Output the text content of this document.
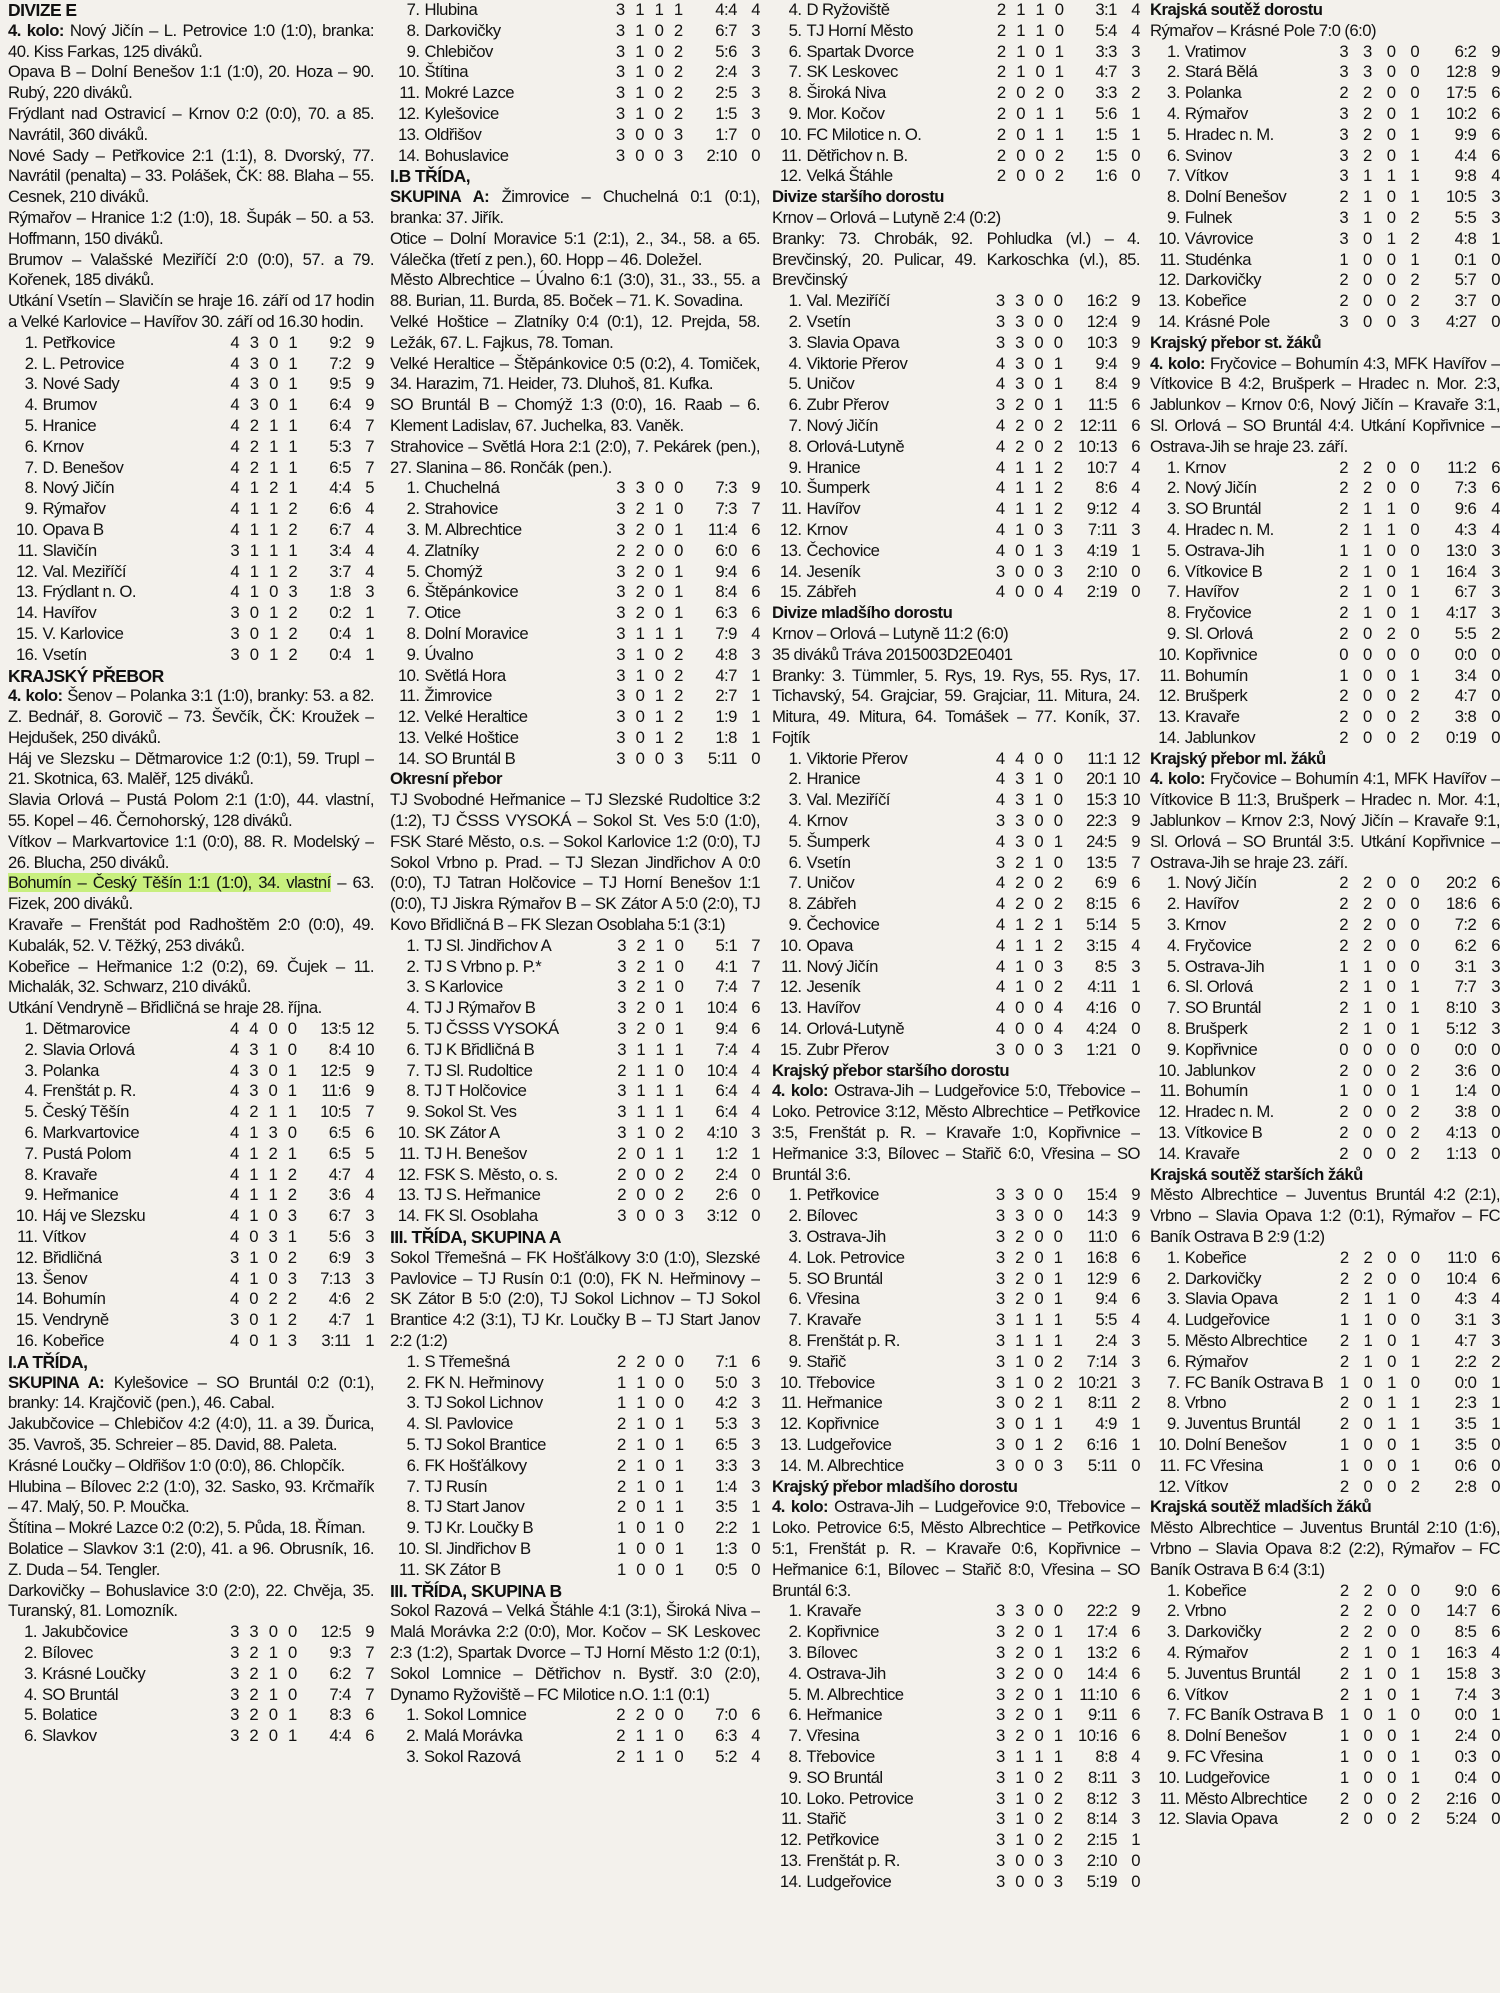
DIVIZE E

4. kolo: Nový Jičín – L. Petrovice 1:0 (1:0), branka: 40. Kiss Farkas, 125 diváků.

Opava B – Dolní Benešov 1:1 (1:0), 20. Hoza – 90. Rubý, 220 diváků.

Frýdlant nad Ostravicí – Krnov 0:2 (0:0), 70. a 85. Navrátil, 360 diváků.

Nové Sady – Petřkovice 2:1 (1:1), 8. Dvorský, 77. Navrátil (penalta) – 33. Polášek, ČK: 88. Blaha – 55. Cesnek, 210 diváků.

Rýmařov – Hranice 1:2 (1:0), 18. Šupák – 50. a 53. Hoffmann, 150 diváků.

Brumov – Valašské Meziříčí 2:0 (0:0), 57. a 79. Kořenek, 185 diváků.

Utkání Vsetín – Slavičín se hraje 16. září od 17 hodin a Velké Karlovice – Havířov 30. září od 16.30 hodin.

1.	Petřkovice	4	3	0	1	9:2	9
2.	L. Petrovice	4	3	0	1	7:2	9
3.	Nové Sady	4	3	0	1	9:5	9
4.	Brumov	4	3	0	1	6:4	9
5.	Hranice	4	2	1	1	6:4	7
6.	Krnov	4	2	1	1	5:3	7
7.	D. Benešov	4	2	1	1	6:5	7
8.	Nový Jičín	4	1	2	1	4:4	5
9.	Rýmařov	4	1	1	2	6:6	4
10.	Opava B	4	1	1	2	6:7	4
11.	Slavičín	3	1	1	1	3:4	4
12.	Val. Meziříčí	4	1	1	2	3:7	4
13.	Frýdlant n. O.	4	1	0	3	1:8	3
14.	Havířov	3	0	1	2	0:2	1
15.	V. Karlovice	3	0	1	2	0:4	1
16.	Vsetín	3	0	1	2	0:4	1
KRAJSKÝ PŘEBOR

4. kolo: Šenov – Polanka 3:1 (1:0), branky: 53. a 82. Z. Bednář, 8. Gorovič – 73. Ševčík, ČK: Kroužek – Hejdušek, 250 diváků.

Háj ve Slezsku – Dětmarovice 1:2 (0:1), 59. Trupl – 21. Skotnica, 63. Malěř, 125 diváků.

Slavia Orlová – Pustá Polom 2:1 (1:0), 44. vlastní, 55. Kopel – 46. Černohorský, 128 diváků.

Vítkov – Markvartovice 1:1 (0:0), 88. R. Modelský – 26. Blucha, 250 diváků.

Bohumín – Český Těšín 1:1 (1:0), 34. vlastní – 63. Fizek, 200 diváků.

Kravaře – Frenštát pod Radhoštěm 2:0 (0:0), 49. Kubalák, 52. V. Těžký, 253 diváků.

Kobeřice – Heřmanice 1:2 (0:2), 69. Čujek – 11. Michalák, 32. Schwarz, 210 diváků.

Utkání Vendryně – Břidličná se hraje 28. října.

1.	Dětmarovice	4	4	0	0	13:5	12
2.	Slavia Orlová	4	3	1	0	8:4	10
3.	Polanka	4	3	0	1	12:5	9
4.	Frenštát p. R.	4	3	0	1	11:6	9
5.	Český Těšín	4	2	1	1	10:5	7
6.	Markvartovice	4	1	3	0	6:5	6
7.	Pustá Polom	4	1	2	1	6:5	5
8.	Kravaře	4	1	1	2	4:7	4
9.	Heřmanice	4	1	1	2	3:6	4
10.	Háj ve Slezsku	4	1	0	3	6:7	3
11.	Vítkov	4	0	3	1	5:6	3
12.	Břidličná	3	1	0	2	6:9	3
13.	Šenov	4	1	0	3	7:13	3
14.	Bohumín	4	0	2	2	4:6	2
15.	Vendryně	3	0	1	2	4:7	1
16.	Kobeřice	4	0	1	3	3:11	1
I.A TŘÍDA,

SKUPINA A: Kylešovice – SO Bruntál 0:2 (0:1), branky: 14. Krajčovič (pen.), 46. Cabal.

Jakubčovice – Chlebičov 4:2 (4:0), 11. a 39. Ďurica, 35. Vavroš, 35. Schreier – 85. David, 88. Paleta.

Krásné Loučky – Oldřišov 1:0 (0:0), 86. Chlopčík.

Hlubina – Bílovec 2:2 (1:0), 32. Sasko, 93. Krčmařík – 47. Malý, 50. P. Moučka.

Štítina – Mokré Lazce 0:2 (0:2), 5. Půda, 18. Říman.

Bolatice – Slavkov 3:1 (2:0), 41. a 96. Obrusník, 16. Z. Duda – 54. Tengler.

Darkovičky – Bohuslavice 3:0 (2:0), 22. Chvěja, 35. Turanský, 81. Lomozník.

1.	Jakubčovice	3	3	0	0	12:5	9
2.	Bílovec	3	2	1	0	9:3	7
3.	Krásné Loučky	3	2	1	0	6:2	7
4.	SO Bruntál	3	2	1	0	7:4	7
5.	Bolatice	3	2	0	1	8:3	6
6.	Slavkov	3	2	0	1	4:4	6
7.	Hlubina	3	1	1	1	4:4	4
8.	Darkovičky	3	1	0	2	6:7	3
9.	Chlebičov	3	1	0	2	5:6	3
10.	Štítina	3	1	0	2	2:4	3
11.	Mokré Lazce	3	1	0	2	2:5	3
12.	Kylešovice	3	1	0	2	1:5	3
13.	Oldřišov	3	0	0	3	1:7	0
14.	Bohuslavice	3	0	0	3	2:10	0
I.B TŘÍDA,

SKUPINA A: Žimrovice – Chuchelná 0:1 (0:1), branka: 37. Jiřík.

Otice – Dolní Moravice 5:1 (2:1), 2., 34., 58. a 65. Válečka (třetí z pen.), 60. Hopp – 46. Doležel.

Město Albrechtice – Úvalno 6:1 (3:0), 31., 33., 55. a 88. Burian, 11. Burda, 85. Boček – 71. K. Sovadina.

Velké Hoštice – Zlatníky 0:4 (0:1), 12. Prejda, 58. Ležák, 67. L. Fajkus, 78. Toman.

Velké Heraltice – Štěpánkovice 0:5 (0:2), 4. Tomiček, 34. Harazim, 71. Heider, 73. Dluhoš, 81. Kufka.

SO Bruntál B – Chomýž 1:3 (0:0), 16. Raab – 6. Klement Ladislav, 67. Juchelka, 83. Vaněk.

Strahovice – Světlá Hora 2:1 (2:0), 7. Pekárek (pen.), 27. Slanina – 86. Rončák (pen.).

1.	Chuchelná	3	3	0	0	7:3	9
2.	Strahovice	3	2	1	0	7:3	7
3.	M. Albrechtice	3	2	0	1	11:4	6
4.	Zlatníky	2	2	0	0	6:0	6
5.	Chomýž	3	2	0	1	9:4	6
6.	Štěpánkovice	3	2	0	1	8:4	6
7.	Otice	3	2	0	1	6:3	6
8.	Dolní Moravice	3	1	1	1	7:9	4
9.	Úvalno	3	1	0	2	4:8	3
10.	Světlá Hora	3	1	0	2	4:7	1
11.	Žimrovice	3	0	1	2	2:7	1
12.	Velké Heraltice	3	0	1	2	1:9	1
13.	Velké Hoštice	3	0	1	2	1:8	1
14.	SO Bruntál B	3	0	0	3	5:11	0
Okresní přebor

TJ Svobodné Heřmanice – TJ Slezské Rudoltice 3:2 (1:2), TJ ČSSS VYSOKÁ – Sokol St. Ves 5:0 (1:0), FSK Staré Město, o.s. – Sokol Karlovice 1:2 (0:0), TJ Sokol Vrbno p. Prad. – TJ Slezan Jindřichov A 0:0 (0:0), TJ Tatran Holčovice – TJ Horní Benešov 1:1 (0:0), TJ Jiskra Rýmařov B – SK Zátor A 5:0 (2:0), TJ Kovo Břidličná B – FK Slezan Osoblaha 5:1 (3:1)

1.	TJ Sl. Jindřichov A	3	2	1	0	5:1	7
2.	TJ S Vrbno p. P.*	3	2	1	0	4:1	7
3.	S Karlovice	3	2	1	0	7:4	7
4.	TJ J Rýmařov B	3	2	0	1	10:4	6
5.	TJ ČSSS VYSOKÁ	3	2	0	1	9:4	6
6.	TJ K Břidličná B	3	1	1	1	7:4	4
7.	TJ Sl. Rudoltice	2	1	1	0	10:4	4
8.	TJ T Holčovice	3	1	1	1	6:4	4
9.	Sokol St. Ves	3	1	1	1	6:4	4
10.	SK Zátor A	3	1	0	2	4:10	3
11.	TJ H. Benešov	2	0	1	1	1:2	1
12.	FSK S. Město, o. s.	2	0	0	2	2:4	0
13.	TJ S. Heřmanice	2	0	0	2	2:6	0
14.	FK Sl. Osoblaha	3	0	0	3	3:12	0
III. TŘÍDA, SKUPINA A

Sokol Třemešná – FK Hošťálkovy 3:0 (1:0), Slezské Pavlovice – TJ Rusín 0:1 (0:0), FK N. Heřminovy – SK Zátor B 5:0 (2:0), TJ Sokol Lichnov – TJ Sokol Brantice 4:2 (3:1), TJ Kr. Loučky B – TJ Start Janov 2:2 (1:2)

1.	S Třemešná	2	2	0	0	7:1	6
2.	FK N. Heřminovy	1	1	0	0	5:0	3
3.	TJ Sokol Lichnov	1	1	0	0	4:2	3
4.	Sl. Pavlovice	2	1	0	1	5:3	3
5.	TJ Sokol Brantice	2	1	0	1	6:5	3
6.	FK Hošťálkovy	2	1	0	1	3:3	3
7.	TJ Rusín	2	1	0	1	1:4	3
8.	TJ Start Janov	2	0	1	1	3:5	1
9.	TJ Kr. Loučky B	1	0	1	0	2:2	1
10.	Sl. Jindřichov B	1	0	0	1	1:3	0
11.	SK Zátor B	1	0	0	1	0:5	0
III. TŘÍDA, SKUPINA B

Sokol Razová – Velká Štáhle 4:1 (3:1), Široká Niva – Malá Morávka 2:2 (0:0), Mor. Kočov – SK Leskovec 2:3 (1:2), Spartak Dvorce – TJ Horní Město 1:2 (0:1), Sokol Lomnice – Dětřichov n. Bystř. 3:0 (2:0), Dynamo Ryžoviště – FC Milotice n.O. 1:1 (0:1)

1.	Sokol Lomnice	2	2	0	0	7:0	6
2.	Malá Morávka	2	1	1	0	6:3	4
3.	Sokol Razová	2	1	1	0	5:2	4
4.	D Ryžoviště	2	1	1	0	3:1	4
5.	TJ Horní Město	2	1	1	0	5:4	4
6.	Spartak Dvorce	2	1	0	1	3:3	3
7.	SK Leskovec	2	1	0	1	4:7	3
8.	Široká Niva	2	0	2	0	3:3	2
9.	Mor. Kočov	2	0	1	1	5:6	1
10.	FC Milotice n. O.	2	0	1	1	1:5	1
11.	Dětřichov n. B.	2	0	0	2	1:5	0
12.	Velká Štáhle	2	0	0	2	1:6	0
Divize staršího dorostu

Krnov – Orlová – Lutyně 2:4 (0:2)

Branky: 73. Chrobák, 92. Pohludka (vl.) – 4. Brevčinský, 20. Pulicar, 49. Karkoschka (vl.), 85. Brevčinský

1.	Val. Meziříčí	3	3	0	0	16:2	9
2.	Vsetín	3	3	0	0	12:4	9
3.	Slavia Opava	3	3	0	0	10:3	9
4.	Viktorie Přerov	4	3	0	1	9:4	9
5.	Uničov	4	3	0	1	8:4	9
6.	Zubr Přerov	3	2	0	1	11:5	6
7.	Nový Jičín	4	2	0	2	12:11	6
8.	Orlová-Lutyně	4	2	0	2	10:13	6
9.	Hranice	4	1	1	2	10:7	4
10.	Šumperk	4	1	1	2	8:6	4
11.	Havířov	4	1	1	2	9:12	4
12.	Krnov	4	1	0	3	7:11	3
13.	Čechovice	4	0	1	3	4:19	1
14.	Jeseník	3	0	0	3	2:10	0
15.	Zábřeh	4	0	0	4	2:19	0
Divize mladšího dorostu

Krnov – Orlová – Lutyně 11:2 (6:0)

35 diváků Tráva 2015003D2E0401

Branky: 3. Tümmler, 5. Rys, 19. Rys, 55. Rys, 17. Tichavský, 54. Grajciar, 59. Grajciar, 11. Mitura, 24. Mitura, 49. Mitura, 64. Tomášek – 77. Koník, 37. Fojtík

1.	Viktorie Přerov	4	4	0	0	11:1	12
2.	Hranice	4	3	1	0	20:1	10
3.	Val. Meziříčí	4	3	1	0	15:3	10
4.	Krnov	3	3	0	0	22:3	9
5.	Šumperk	4	3	0	1	24:5	9
6.	Vsetín	3	2	1	0	13:5	7
7.	Uničov	4	2	0	2	6:9	6
8.	Zábřeh	4	2	0	2	8:15	6
9.	Čechovice	4	1	2	1	5:14	5
10.	Opava	4	1	1	2	3:15	4
11.	Nový Jičín	4	1	0	3	8:5	3
12.	Jeseník	4	1	0	2	4:11	1
13.	Havířov	4	0	0	4	4:16	0
14.	Orlová-Lutyně	4	0	0	4	4:24	0
15.	Zubr Přerov	3	0	0	3	1:21	0
Krajský přebor staršího dorostu

4. kolo: Ostrava-Jih – Ludgeřovice 5:0, Třebovice – Loko. Petrovice 3:12, Město Albrechtice – Petřkovice 3:5, Frenštát p. R. – Kravaře 1:0, Kopřivnice – Heřmanice 3:3, Bílovec – Stařič 6:0, Vřesina – SO Bruntál 3:6.

1.	Petřkovice	3	3	0	0	15:4	9
2.	Bílovec	3	3	0	0	14:3	9
3.	Ostrava-Jih	3	2	0	0	11:0	6
4.	Lok. Petrovice	3	2	0	1	16:8	6
5.	SO Bruntál	3	2	0	1	12:9	6
6.	Vřesina	3	2	0	1	9:4	6
7.	Kravaře	3	1	1	1	5:5	4
8.	Frenštát p. R.	3	1	1	1	2:4	3
9.	Stařič	3	1	0	2	7:14	3
10.	Třebovice	3	1	0	2	10:21	3
11.	Heřmanice	3	0	2	1	8:11	2
12.	Kopřivnice	3	0	1	1	4:9	1
13.	Ludgeřovice	3	0	1	2	6:16	1
14.	M. Albrechtice	3	0	0	3	5:11	0
Krajský přebor mladšího dorostu

4. kolo: Ostrava-Jih – Ludgeřovice 9:0, Třebovice – Loko. Petrovice 6:5, Město Albrechtice – Petřkovice 5:1, Frenštát p. R. – Kravaře 0:6, Kopřivnice – Heřmanice 6:1, Bílovec – Stařič 8:0, Vřesina – SO Bruntál 6:3.

1.	Kravaře	3	3	0	0	22:2	9
2.	Kopřivnice	3	2	0	1	17:4	6
3.	Bílovec	3	2	0	1	13:2	6
4.	Ostrava-Jih	3	2	0	0	14:4	6
5.	M. Albrechtice	3	2	0	1	11:10	6
6.	Heřmanice	3	2	0	1	9:11	6
7.	Vřesina	3	2	0	1	10:16	6
8.	Třebovice	3	1	1	1	8:8	4
9.	SO Bruntál	3	1	0	2	8:11	3
10.	Loko. Petrovice	3	1	0	2	8:12	3
11.	Stařič	3	1	0	2	8:14	3
12.	Petřkovice	3	1	0	2	2:15	1
13.	Frenštát p. R.	3	0	0	3	2:10	0
14.	Ludgeřovice	3	0	0	3	5:19	0
Krajská soutěž dorostu

Rýmařov – Krásné Pole 7:0 (6:0)

1.	Vratimov	3	3	0	0	6:2	9
2.	Stará Bělá	3	3	0	0	12:8	9
3.	Polanka	2	2	0	0	17:5	6
4.	Rýmařov	3	2	0	1	10:2	6
5.	Hradec n. M.	3	2	0	1	9:9	6
6.	Svinov	3	2	0	1	4:4	6
7.	Vítkov	3	1	1	1	9:8	4
8.	Dolní Benešov	2	1	0	1	10:5	3
9.	Fulnek	3	1	0	2	5:5	3
10.	Vávrovice	3	0	1	2	4:8	1
11.	Studénka	1	0	0	1	0:1	0
12.	Darkovičky	2	0	0	2	5:7	0
13.	Kobeřice	2	0	0	2	3:7	0
14.	Krásné Pole	3	0	0	3	4:27	0
Krajský přebor st. žáků

4. kolo: Fryčovice – Bohumín 4:3, MFK Havířov – Vítkovice B 4:2, Brušperk – Hradec n. Mor. 2:3, Jablunkov – Krnov 0:6, Nový Jičín – Kravaře 3:1, Sl. Orlová – SO Bruntál 4:4. Utkání Kopřivnice – Ostrava-Jih se hraje 23. září.

1.	Krnov	2	2	0	0	11:2	6
2.	Nový Jičín	2	2	0	0	7:3	6
3.	SO Bruntál	2	1	1	0	9:6	4
4.	Hradec n. M.	2	1	1	0	4:3	4
5.	Ostrava-Jih	1	1	0	0	13:0	3
6.	Vítkovice B	2	1	0	1	16:4	3
7.	Havířov	2	1	0	1	6:7	3
8.	Fryčovice	2	1	0	1	4:17	3
9.	Sl. Orlová	2	0	2	0	5:5	2
10.	Kopřivnice	0	0	0	0	0:0	0
11.	Bohumín	1	0	0	1	3:4	0
12.	Brušperk	2	0	0	2	4:7	0
13.	Kravaře	2	0	0	2	3:8	0
14.	Jablunkov	2	0	0	2	0:19	0
Krajský přebor ml. žáků

4. kolo: Fryčovice – Bohumín 4:1, MFK Havířov – Vítkovice B 11:3, Brušperk – Hradec n. Mor. 4:1, Jablunkov – Krnov 2:3, Nový Jičín – Kravaře 9:1, Sl. Orlová – SO Bruntál 3:5. Utkání Kopřivnice – Ostrava-Jih se hraje 23. září.

1.	Nový Jičín	2	2	0	0	20:2	6
2.	Havířov	2	2	0	0	18:6	6
3.	Krnov	2	2	0	0	7:2	6
4.	Fryčovice	2	2	0	0	6:2	6
5.	Ostrava-Jih	1	1	0	0	3:1	3
6.	Sl. Orlová	2	1	0	1	7:7	3
7.	SO Bruntál	2	1	0	1	8:10	3
8.	Brušperk	2	1	0	1	5:12	3
9.	Kopřivnice	0	0	0	0	0:0	0
10.	Jablunkov	2	0	0	2	3:6	0
11.	Bohumín	1	0	0	1	1:4	0
12.	Hradec n. M.	2	0	0	2	3:8	0
13.	Vítkovice B	2	0	0	2	4:13	0
14.	Kravaře	2	0	0	2	1:13	0
Krajská soutěž starších žáků

Město Albrechtice – Juventus Bruntál 4:2 (2:1), Vrbno – Slavia Opava 1:2 (0:1), Rýmařov – FC Baník Ostrava B 2:9 (1:2)

1.	Kobeřice	2	2	0	0	11:0	6
2.	Darkovičky	2	2	0	0	10:4	6
3.	Slavia Opava	2	1	1	0	4:3	4
4.	Ludgeřovice	1	1	0	0	3:1	3
5.	Město Albrechtice	2	1	0	1	4:7	3
6.	Rýmařov	2	1	0	1	2:2	2
7.	FC Baník Ostrava B	1	0	1	0	0:0	1
8.	Vrbno	2	0	1	1	2:3	1
9.	Juventus Bruntál	2	0	1	1	3:5	1
10.	Dolní Benešov	1	0	0	1	3:5	0
11.	FC Vřesina	1	0	0	1	0:6	0
12.	Vítkov	2	0	0	2	2:8	0
Krajská soutěž mladších žáků

Město Albrechtice – Juventus Bruntál 2:10 (1:6), Vrbno – Slavia Opava 8:2 (2:2), Rýmařov – FC Baník Ostrava B 6:4 (3:1)

1.	Kobeřice	2	2	0	0	9:0	6
2.	Vrbno	2	2	0	0	14:7	6
3.	Darkovičky	2	2	0	0	8:5	6
4.	Rýmařov	2	1	0	1	16:3	4
5.	Juventus Bruntál	2	1	0	1	15:8	3
6.	Vítkov	2	1	0	1	7:4	3
7.	FC Baník Ostrava B	1	0	1	0	0:0	1
8.	Dolní Benešov	1	0	0	1	2:4	0
9.	FC Vřesina	1	0	0	1	0:3	0
10.	Ludgeřovice	1	0	0	1	0:4	0
11.	Město Albrechtice	2	0	0	2	2:16	0
12.	Slavia Opava	2	0	0	2	5:24	0
